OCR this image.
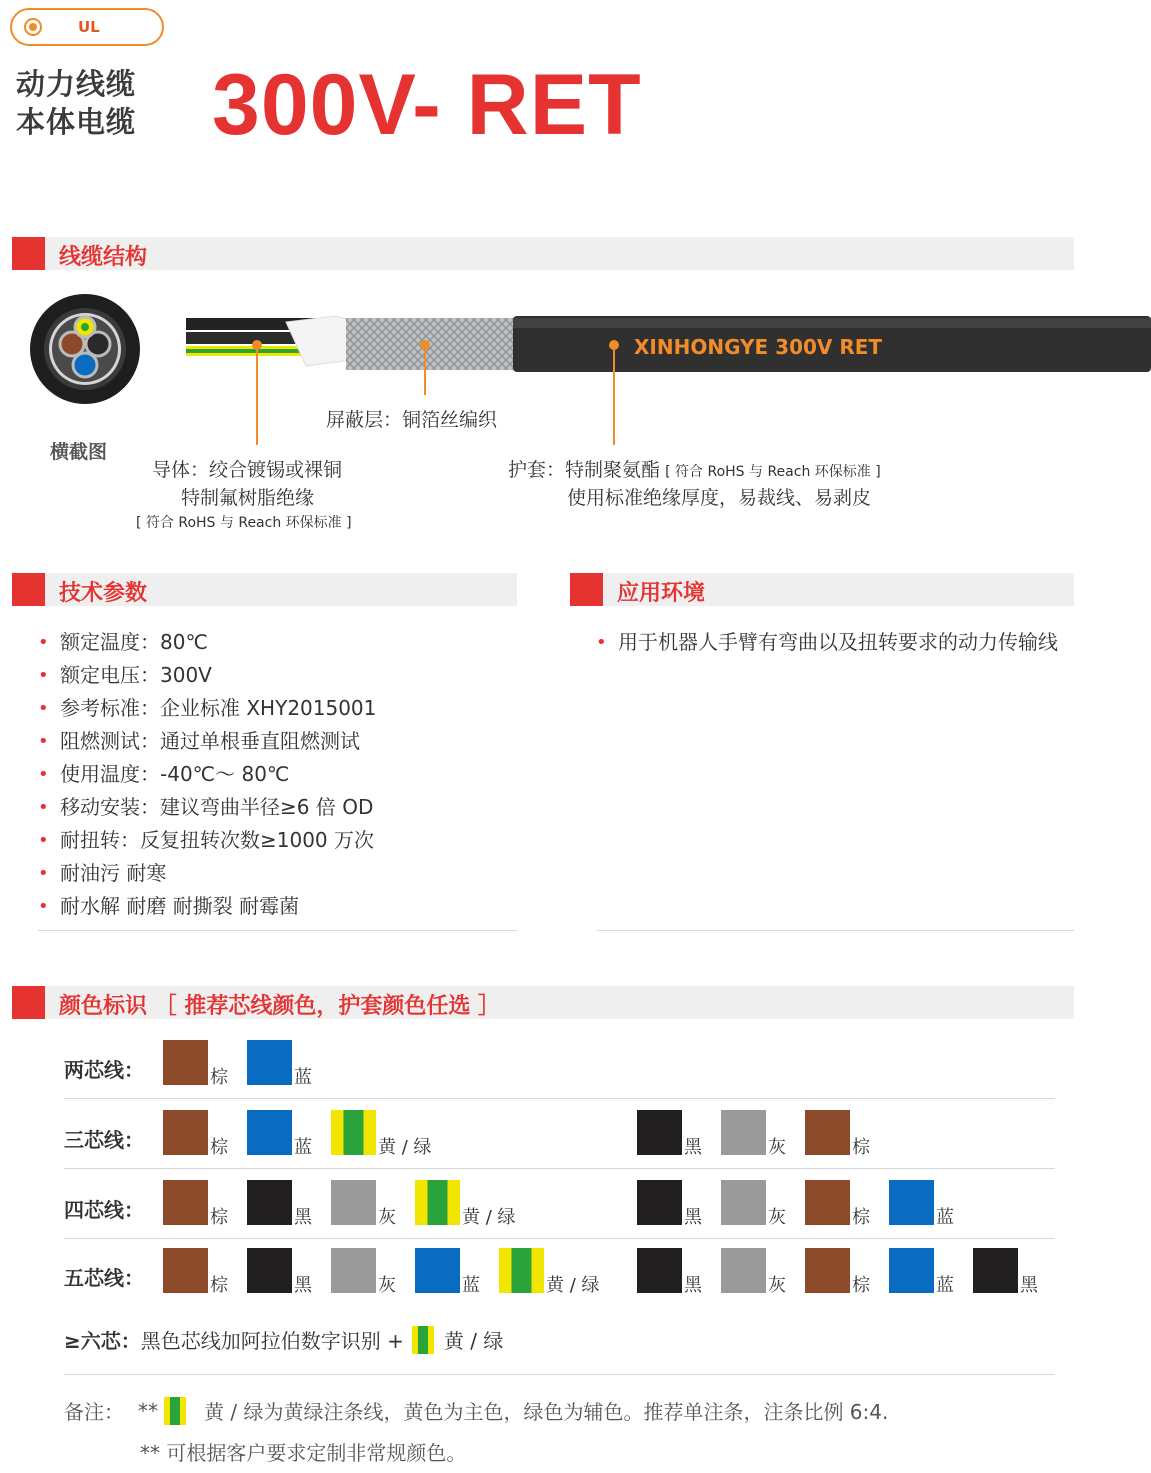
UL
动力线缆
本体电缆 300V- RET
线缆结构
横截图
XINHONGYE 300V RET
屏蔽层：铜箔丝编织
导体：绞合镀锡或裸铜
特制氟树脂绝缘
[ 符合 RoHS 与 Reach 环保标准 ]
护套：特制聚氨酯 [ 符合 RoHS 与 Reach 环保标准 ]
使用标准绝缘厚度，易裁线、易剥皮
技术参数
• 额定温度：80℃
• 额定电压：300V
• 参考标准：企业标准 XHY2015001
• 阻燃测试：通过单根垂直阻燃测试
• 使用温度：-40℃～ 80℃
• 移动安装：建议弯曲半径≥6 倍 OD
• 耐扭转：反复扭转次数≥1000 万次
• 耐油污 耐寒
• 耐水解 耐磨 耐撕裂 耐霉菌
应用环境
• 用于机器人手臂有弯曲以及扭转要求的动力传输线
颜色标识 ［ 推荐芯线颜色，护套颜色任选 ］
两芯线：	棕	蓝
三芯线：	棕	蓝	黄 / 绿	黑	灰	棕
四芯线：	棕	黑	灰	黄 / 绿	黑	灰	棕	蓝
五芯线：	棕	黑	灰	蓝	黄 / 绿	黑	灰	棕	蓝	黑
≥六芯： 黑色芯线加阿拉伯数字识别 + 黄 / 绿
备注： ** 黄 / 绿为黄绿注条线，黄色为主色，绿色为辅色。推荐单注条，注条比例 6:4.
** 可根据客户要求定制非常规颜色。
